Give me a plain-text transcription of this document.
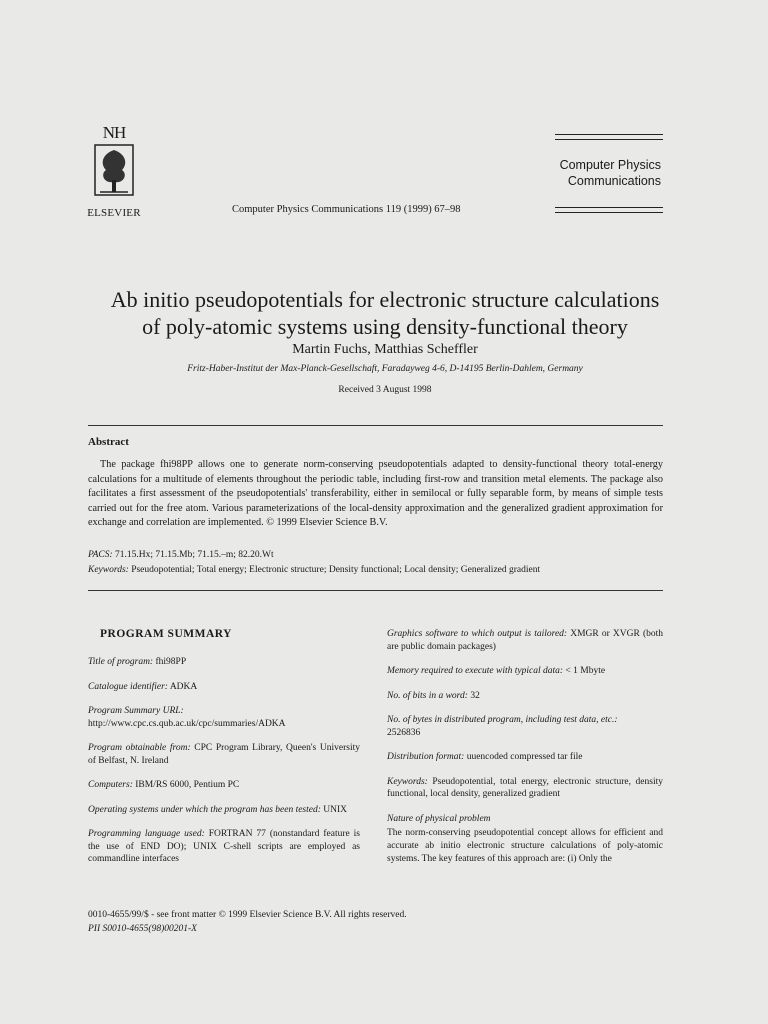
NH
ELSEVIER	Computer Physics Communications 119 (1999) 67–98
Computer Physics
Communications
Ab initio pseudopotentials for electronic structure calculations
of poly-atomic systems using density-functional theory
Martin Fuchs, Matthias Scheffler
Fritz-Haber-Institut der Max-Planck-Gesellschaft, Faradayweg 4-6, D-14195 Berlin-Dahlem, Germany
Received 3 August 1998
Abstract
The package fhi98PP allows one to generate norm-conserving pseudopotentials adapted to density-functional theory total-energy calculations for a multitude of elements throughout the periodic table, including first-row and transition metal elements. The package also facilitates a first assessment of the pseudopotentials' transferability, either in semilocal or fully separable form, by means of simple tests carried out for the free atom. Various parameterizations of the local-density approximation and the generalized gradient approximation for exchange and correlation are implemented. © 1999 Elsevier Science B.V.
PACS: 71.15.Hx; 71.15.Mb; 71.15.–m; 82.20.Wt
Keywords: Pseudopotential; Total energy; Electronic structure; Density functional; Local density; Generalized gradient
PROGRAM SUMMARY
Title of program: fhi98PP
Catalogue identifier: ADKA
Program Summary URL:
http://www.cpc.cs.qub.ac.uk/cpc/summaries/ADKA
Program obtainable from: CPC Program Library, Queen's University of Belfast, N. Ireland
Computers: IBM/RS 6000, Pentium PC
Operating systems under which the program has been tested: UNIX
Programming language used: FORTRAN 77 (nonstandard feature is the use of END DO); UNIX C-shell scripts are employed as commandline interfaces
Graphics software to which output is tailored: XMGR or XVGR (both are public domain packages)
Memory required to execute with typical data: < 1 Mbyte
No. of bits in a word: 32
No. of bytes in distributed program, including test data, etc.:
2526836
Distribution format: uuencoded compressed tar file
Keywords: Pseudopotential, total energy, electronic structure, density functional, local density, generalized gradient
Nature of physical problem
The norm-conserving pseudopotential concept allows for efficient and accurate ab initio electronic structure calculations of poly-atomic systems. The key features of this approach are: (i) Only the
0010-4655/99/$ - see front matter © 1999 Elsevier Science B.V. All rights reserved.
PII S0010-4655(98)00201-X
